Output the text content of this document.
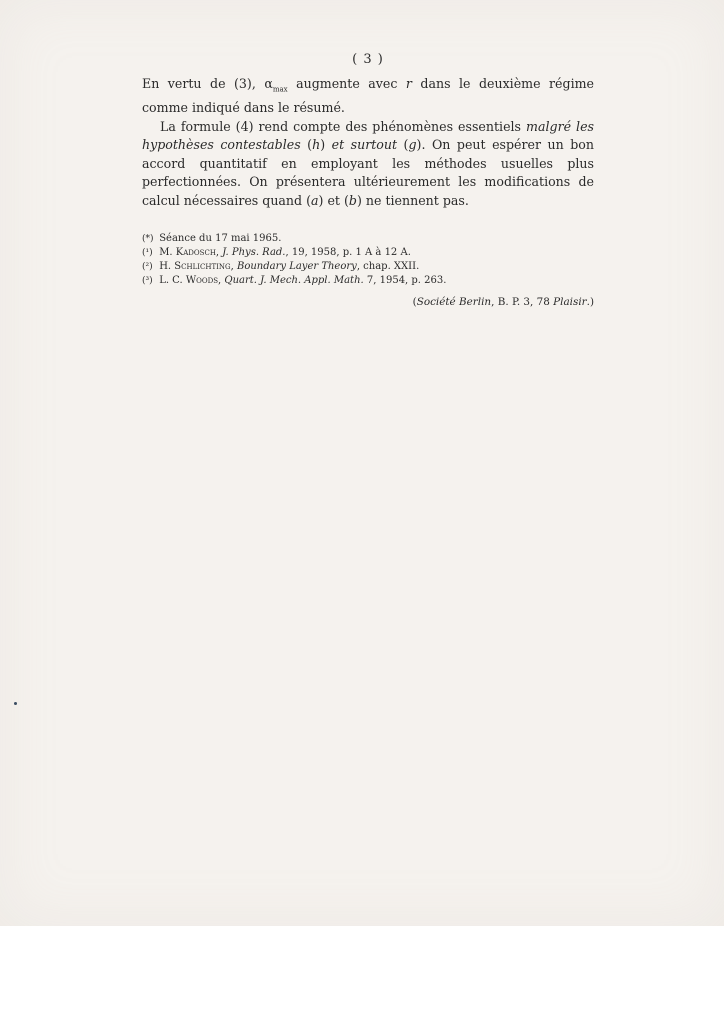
( 3 )

En vertu de (3), $\alpha_{max}$ augmente avec r dans le deuxième régime comme indiqué dans le résumé.

La formule (4) rend compte des phénomènes essentiels malgré les hypothèses contestables (h) et surtout (g). On peut espérer un bon accord quantitatif en employant les méthodes usuelles plus perfectionnées. On présentera ultérieurement les modifications de calcul nécessaires quand (a) et (b) ne tiennent pas.

(*) Séance du 17 mai 1965.

(¹) M. Kadosch, J. Phys. Rad., 19, 1958, p. 1 A à 12 A.

(²) H. Schlichting, Boundary Layer Theory, chap. XXII.

(³) L. C. Woods, Quart. J. Mech. Appl. Math. 7, 1954, p. 263.

(Société Berlin, B. P. 3, 78 Plaisir.)
